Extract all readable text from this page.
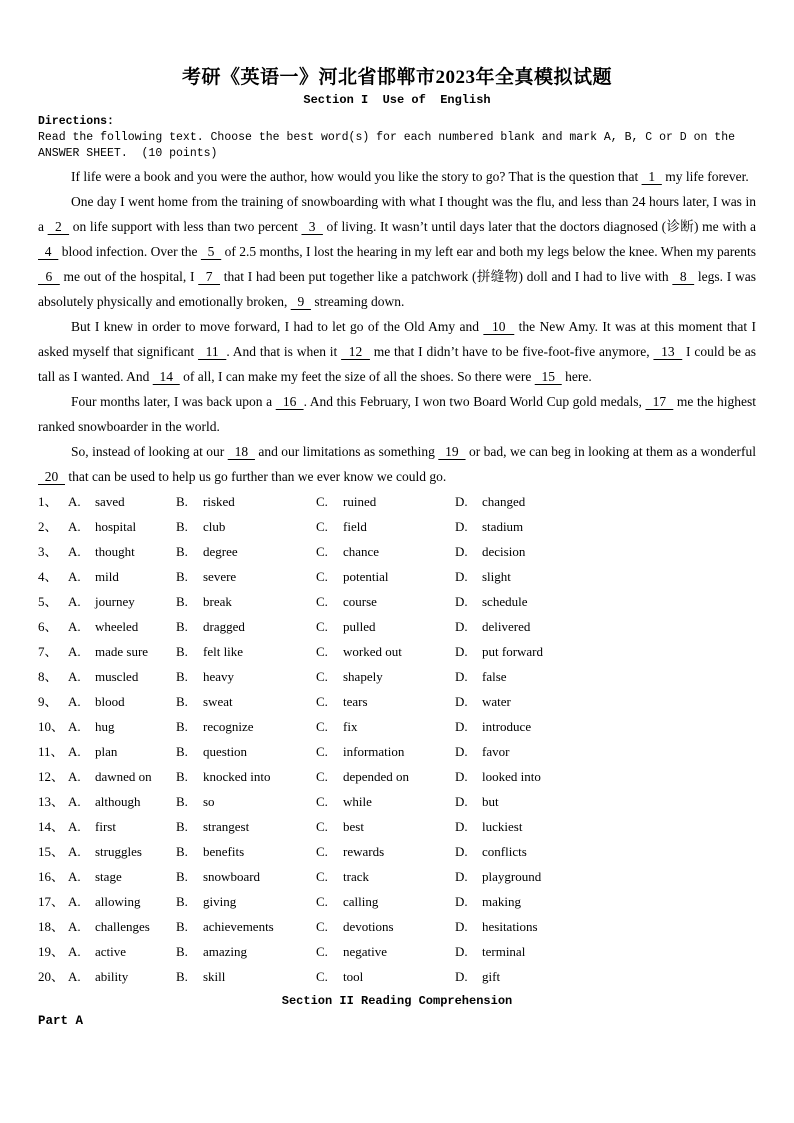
考研《英语一》河北省邯郸市2023年全真模拟试题
Section I  Use of  English
Directions:
Read the following text. Choose the best word(s) for each numbered blank and mark A, B, C or D on the ANSWER SHEET.  (10 points)

If life were a book and you were the author, how would you like the story to go? That is the question that   1   my life forever.

One day I went home from the training of snowboarding with what I thought was the flu, and less than 24 hours later, I was in a   2   on life support with less than two percent   3   of living. It wasn’t until days later that the doctors diagnosed (诊断) me with a   4   blood infection. Over the   5   of 2.5 months, I lost the hearing in my left ear and both my legs below the knee. When my parents   6   me out of the hospital, I   7   that I had been put together like a patchwork (拼缝物) doll and I had to live with   8   legs. I was absolutely physically and emotionally broken,   9   streaming down.

But I knew in order to move forward, I had to let go of the Old Amy and   10   the New Amy. It was at this moment that I asked myself that significant   11  . And that is when it   12   me that I didn’t have to be five-foot-five anymore,   13   I could be as tall as I wanted. And   14   of all, I can make my feet the size of all the shoes. So there were   15   here.

Four months later, I was back upon a   16  . And this February, I won two Board World Cup gold medals,   17   me the highest ranked snowboarder in the world.

So, instead of looking at our   18   and our limitations as something   19   or bad, we can beg in looking at them as a wonderful   20   that can be used to help us go further than we ever know we could go.

1、 A. saved	B. risked	C. ruined	D. changed
2、 A. hospital	B. club	C. field	D. stadium
3、 A. thought	B. degree	C. chance	D. decision
4、 A. mild	B. severe	C. potential	D. slight
5、 A. journey	B. break	C. course	D. schedule
6、 A. wheeled	B. dragged	C. pulled	D. delivered
7、 A. made sure	B. felt like	C. worked out	D. put forward
8、 A. muscled	B. heavy	C. shapely	D. false
9、 A. blood	B. sweat	C. tears	D. water
10、 A. hug	B. recognize	C. fix	D. introduce
11、 A. plan	B. question	C. information	D. favor
12、 A. dawned on	B. knocked into	C. depended on	D. looked into
13、 A. although	B. so	C. while	D. but
14、 A. first	B. strangest	C. best	D. luckiest
15、 A. struggles	B. benefits	C. rewards	D. conflicts
16、 A. stage	B. snowboard	C. track	D. playground
17、 A. allowing	B. giving	C. calling	D. making
18、 A. challenges	B. achievements	C. devotions	D. hesitations
19、 A. active	B. amazing	C. negative	D. terminal
20、 A. ability	B. skill	C. tool	D. gift
Section II Reading Comprehension
Part A
